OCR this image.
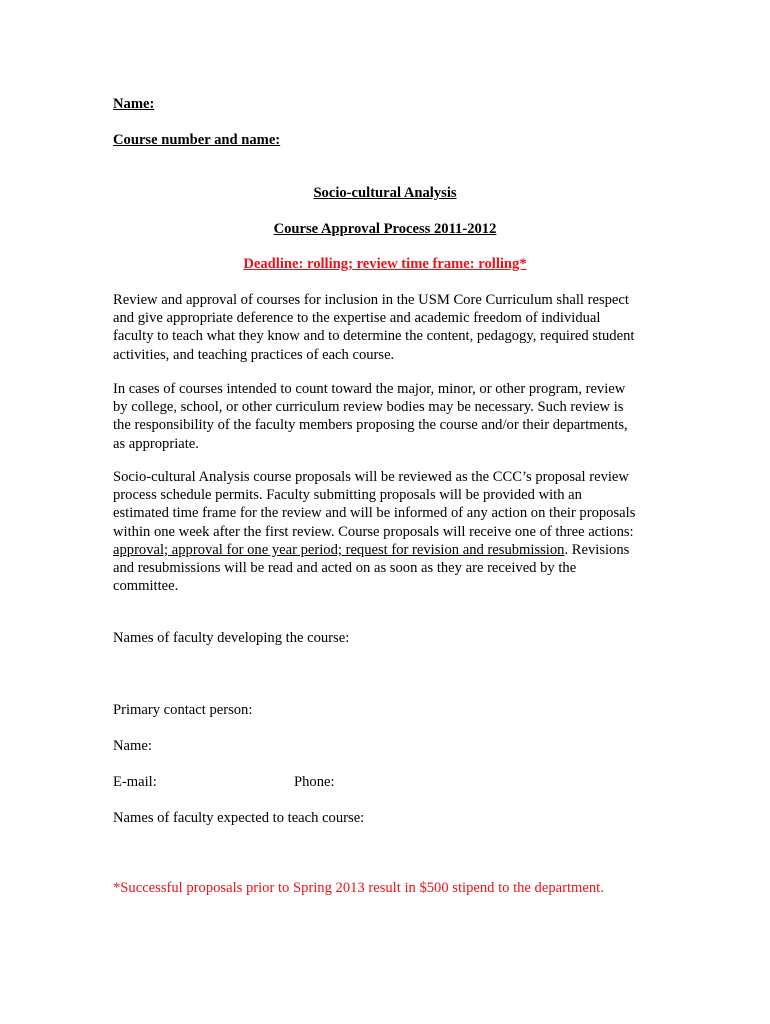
Name:
Course number and name:
Socio-cultural Analysis
Course Approval Process 2011-2012
Deadline: rolling; review time frame: rolling*
Review and approval of courses for inclusion in the USM Core Curriculum shall respect
and give appropriate deference to the expertise and academic freedom of individual
faculty to teach what they know and to determine the content, pedagogy, required student
activities, and teaching practices of each course.
In cases of courses intended to count toward the major, minor, or other program, review
by college, school, or other curriculum review bodies may be necessary. Such review is
the responsibility of the faculty members proposing the course and/or their departments,
as appropriate.
Socio-cultural Analysis course proposals will be reviewed as the CCC’s proposal review
process schedule permits. Faculty submitting proposals will be provided with an
estimated time frame for the review and will be informed of any action on their proposals
within one week after the first review. Course proposals will receive one of three actions:
approval; approval for one year period; request for revision and resubmission. Revisions
and resubmissions will be read and acted on as soon as they are received by the
committee.
Names of faculty developing the course:
Primary contact person:
Name:
E-mail:	Phone:
Names of faculty expected to teach course:
*Successful proposals prior to Spring 2013 result in $500 stipend to the department.
